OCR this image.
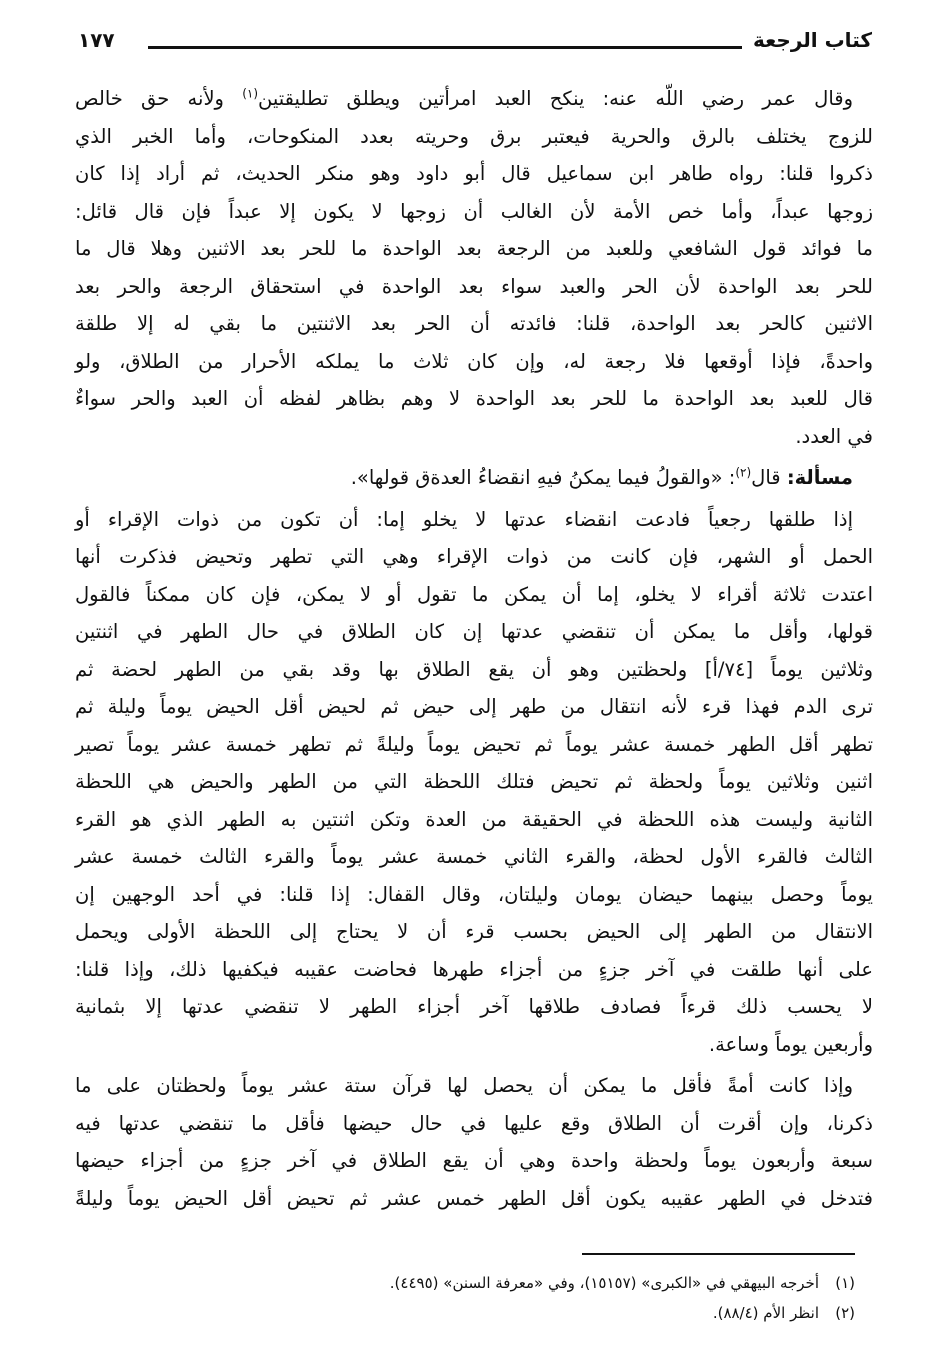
كتاب الرجعة
١٧٧
وقال عمر رضي اللّه عنه: ينكح العبد امرأتين ويطلق تطليقتين$^{(١)}$ ولأنه حق خالص
للزوج يختلف بالرق والحرية فيعتبر برق وحريته بعدد المنكوحات، وأما الخبر الذي
ذكروا قلنا: رواه طاهر ابن سماعيل قال أبو داود وهو منكر الحديث، ثم أراد إذا كان
زوجها عبداً، وأما خص الأمة لأن الغالب أن زوجها لا يكون إلا عبداً فإن قال قائل:
ما فوائد قول الشافعي وللعبد من الرجعة بعد الواحدة ما للحر بعد الاثنين وهلا قال ما
للحر بعد الواحدة لأن الحر والعبد سواء بعد الواحدة في استحقاق الرجعة والحر بعد
الاثنين كالحر بعد الواحدة، قلنا: فائدته أن الحر بعد الاثنتين ما بقي له إلا طلقة
واحدةً، فإذا أوقعها فلا رجعة له، وإن كان ثلاث ما يملكه الأحرار من الطلاق، ولو
قال للعبد بعد الواحدة ما للحر بعد الواحدة لا وهم بظاهر لفظه أن العبد والحر سواءٌ
في العدد.
مسألة: قال$^{(٢)}$: «والقولُ فيما يمكنُ فيهِ انقضاءُ العدةق قولها».
إذا طلقها رجعياً فادعت انقضاء عدتها لا يخلو إما: أن تكون من ذوات الإقراء أو
الحمل أو الشهر، فإن كانت من ذوات الإقراء وهي التي تطهر وتحيض فذكرت أنها
اعتدت ثلاثة أقراء لا يخلو، إما أن يمكن ما تقول أو لا يمكن، فإن كان ممكناً فالقول
قولها، وأقل ما يمكن أن تنقضي عدتها إن كان الطلاق في حال الطهر في اثنتين
وثلاثين يوماً [٧٤/أ] ولحظتين وهو أن يقع الطلاق بها وقد بقي من الطهر لحضة ثم
ترى الدم فهذا قرء لأنه انتقال من طهر إلى حيض ثم لحيض أقل الحيض يوماً وليلة ثم
تطهر أقل الطهر خمسة عشر يوماً ثم تحيض يوماً وليلةً ثم تطهر خمسة عشر يوماً تصير
اثنين وثلاثين يوماً ولحظة ثم تحيض فتلك اللحظة التي من الطهر والحيض هي اللحظة
الثانية وليست هذه اللحظة في الحقيقة من العدة وتكن اثنتين به الطهر الذي هو القرء
الثالث فالقرء الأول لحظة، والقرء الثاني خمسة عشر يوماً والقرء الثالث خمسة عشر
يوماً وحصل بينهما حيضان يومان وليلتان، وقال القفال: إذا قلنا: في أحد الوجهين إن
الانتقال من الطهر إلى الحيض بحسب قرء أن لا يحتاج إلى اللحظة الأولى ويحمل
على أنها طلقت في آخر جزءٍ من أجزاء طهرها فحاضت عقيبه فيكفيها ذلك، وإذا قلنا:
لا يحسب ذلك قرءاً فصادف طلاقها آخر أجزاء الطهر لا تنقضي عدتها إلا بثمانية
وأربعين يوماً وساعة.
وإذا كانت أمةً فأقل ما يمكن أن يحصل لها قرآن ستة عشر يوماً ولحظتان على ما
ذكرنا، وإن أقرت أن الطلاق وقع عليها في حال حيضها فأقل ما تنقضي عدتها فيه
سبعة وأربعون يوماً ولحظة واحدة وهي أن يقع الطلاق في آخر جزءٍ من أجزاء حيضها
فتدخل في الطهر عقيبه يكون أقل الطهر خمس عشر ثم تحيض أقل الحيض يوماً وليلةً
(١)أخرجه البيهقي في «الكبرى» (١٥١٥٧)، وفي «معرفة السنن» (٤٤٩٥).
(٢)انظر الأم (٨٨/٤).
